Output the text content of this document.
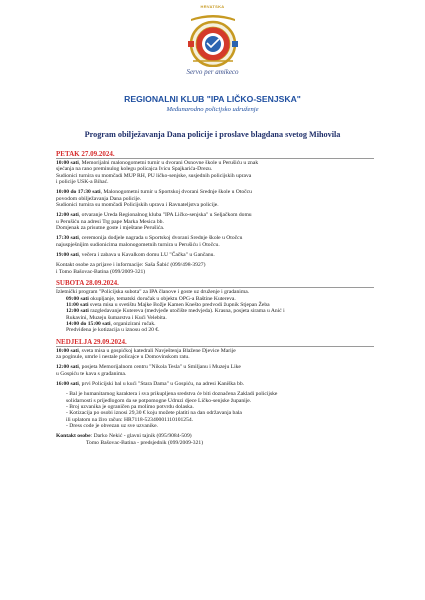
HRVATSKA
Servo per amikeco
REGIONALNI KLUB "IPA LIČKO-SENJSKA"
Međunarodno policijsko udruženje
Program obilježavanja Dana policije i proslave blagdana svetog Mihovila
PETAK 27.09.2024.
10:00 sati, Memorijalni malonogometni turnir u dvorani Osnovne škole u Perušiću u znak
sjećanja na rano preminulog kolegu policajca Ivicu Spajkarića-Drezu.
Sudionici turnira su momčadi MUP RH, PU ličko-senjske, susjednih policijskih uprava
i policije USK-a Bihać.
10:00 do 17:30 sati, Malonogometni turnir u Sportskoj dvorani Srednje škole u Otočcu
povodom obilježavanja Dana policije.
Sudionici turnira su momčadi Policijskih uprava i Ravnateljstva policije.
12:00 sati, otvaranje Ureda Regionalnog kluba "IPA Ličko-senjska" u Seljačkom domu
u Perušiću na adresi Trg pape Marka Mesica bb.
Domjenak za prisutne goste i mještane Perušića.
17:30 sati, ceremonija dodjele nagrada u Sportskoj dvorani Srednje škole u Otočcu
najuspješnijim sudionicima malonogometnih turnira u Perušiću i Otočcu.
19:00 sati, večera i zabava u Kavalkom domu LU "Čačka" u Gančanu.
Kontakt osobe za prijave i informacije: Saša Šabić (099/498-3927)
i Tomo Bašovac-Batina (099/2009-321)
SUBOTA 28.09.2024.
Izletnički program "Policijska subota" za IPA članove i goste uz druženje i gradanima.
09:00 sati okupljanje, tematski doručak u objektu OPG-a Baštine Kutereva.
11:00 sati sveta misa u svetištu Majke Božje Kamen Knešto predvodi župnik Stjepan Žeba
12:00 sati razgledavanje Kutereva (medvjeđe utočište medvjeda). Krasna, posjeta sirama u Anić i
Rukavini, Muzeju šumarstva i Kući Velebita.
14:00 do 15:00 sati, organizirani ručak.
Predviđena je kotizacija u iznosu od 20 €.
NEDJELJA 29.09.2024.
10:00 sati, sveta misa u gospićkoj katedrali Navještenja Blažene Djevice Marije
za poginule, umrle i nestale policajce u Domovinskom ratu.
12:00 sati, posjeta Memorijalnom centru "Nikola Tesla" u Smiljanu i Muzeju Like
u Gospiću te kava s građanima.
16:00 sati, prvi Policijski bal u kući "Stara Dama" u Gospiću, na adresi Kaniška bb.
- Bal je humanitarnog karaktera i sva prikupljena sredstva će biti doznačena Zakladi policijske
solidarnosti s prijedlogom da se potpomogne Udruzi djece Ličko-senjske županije.
- Broj uzvanika je ograničen pa molimo potvrdu dolaska.
- Kotizacija po osobi iznosi 29,30 € koju možete platiti na dan održavanja bala
ili uplatom na žiro račun: HR7118-52340001110101254.
- Dress code je obvezan uz sve uzvanike.
Kontakt osobe: Darko Nekić - glavni tajnik (095/9084-509)
Tomo Bašovac-Batina - predsjednik (099/2009-321)
